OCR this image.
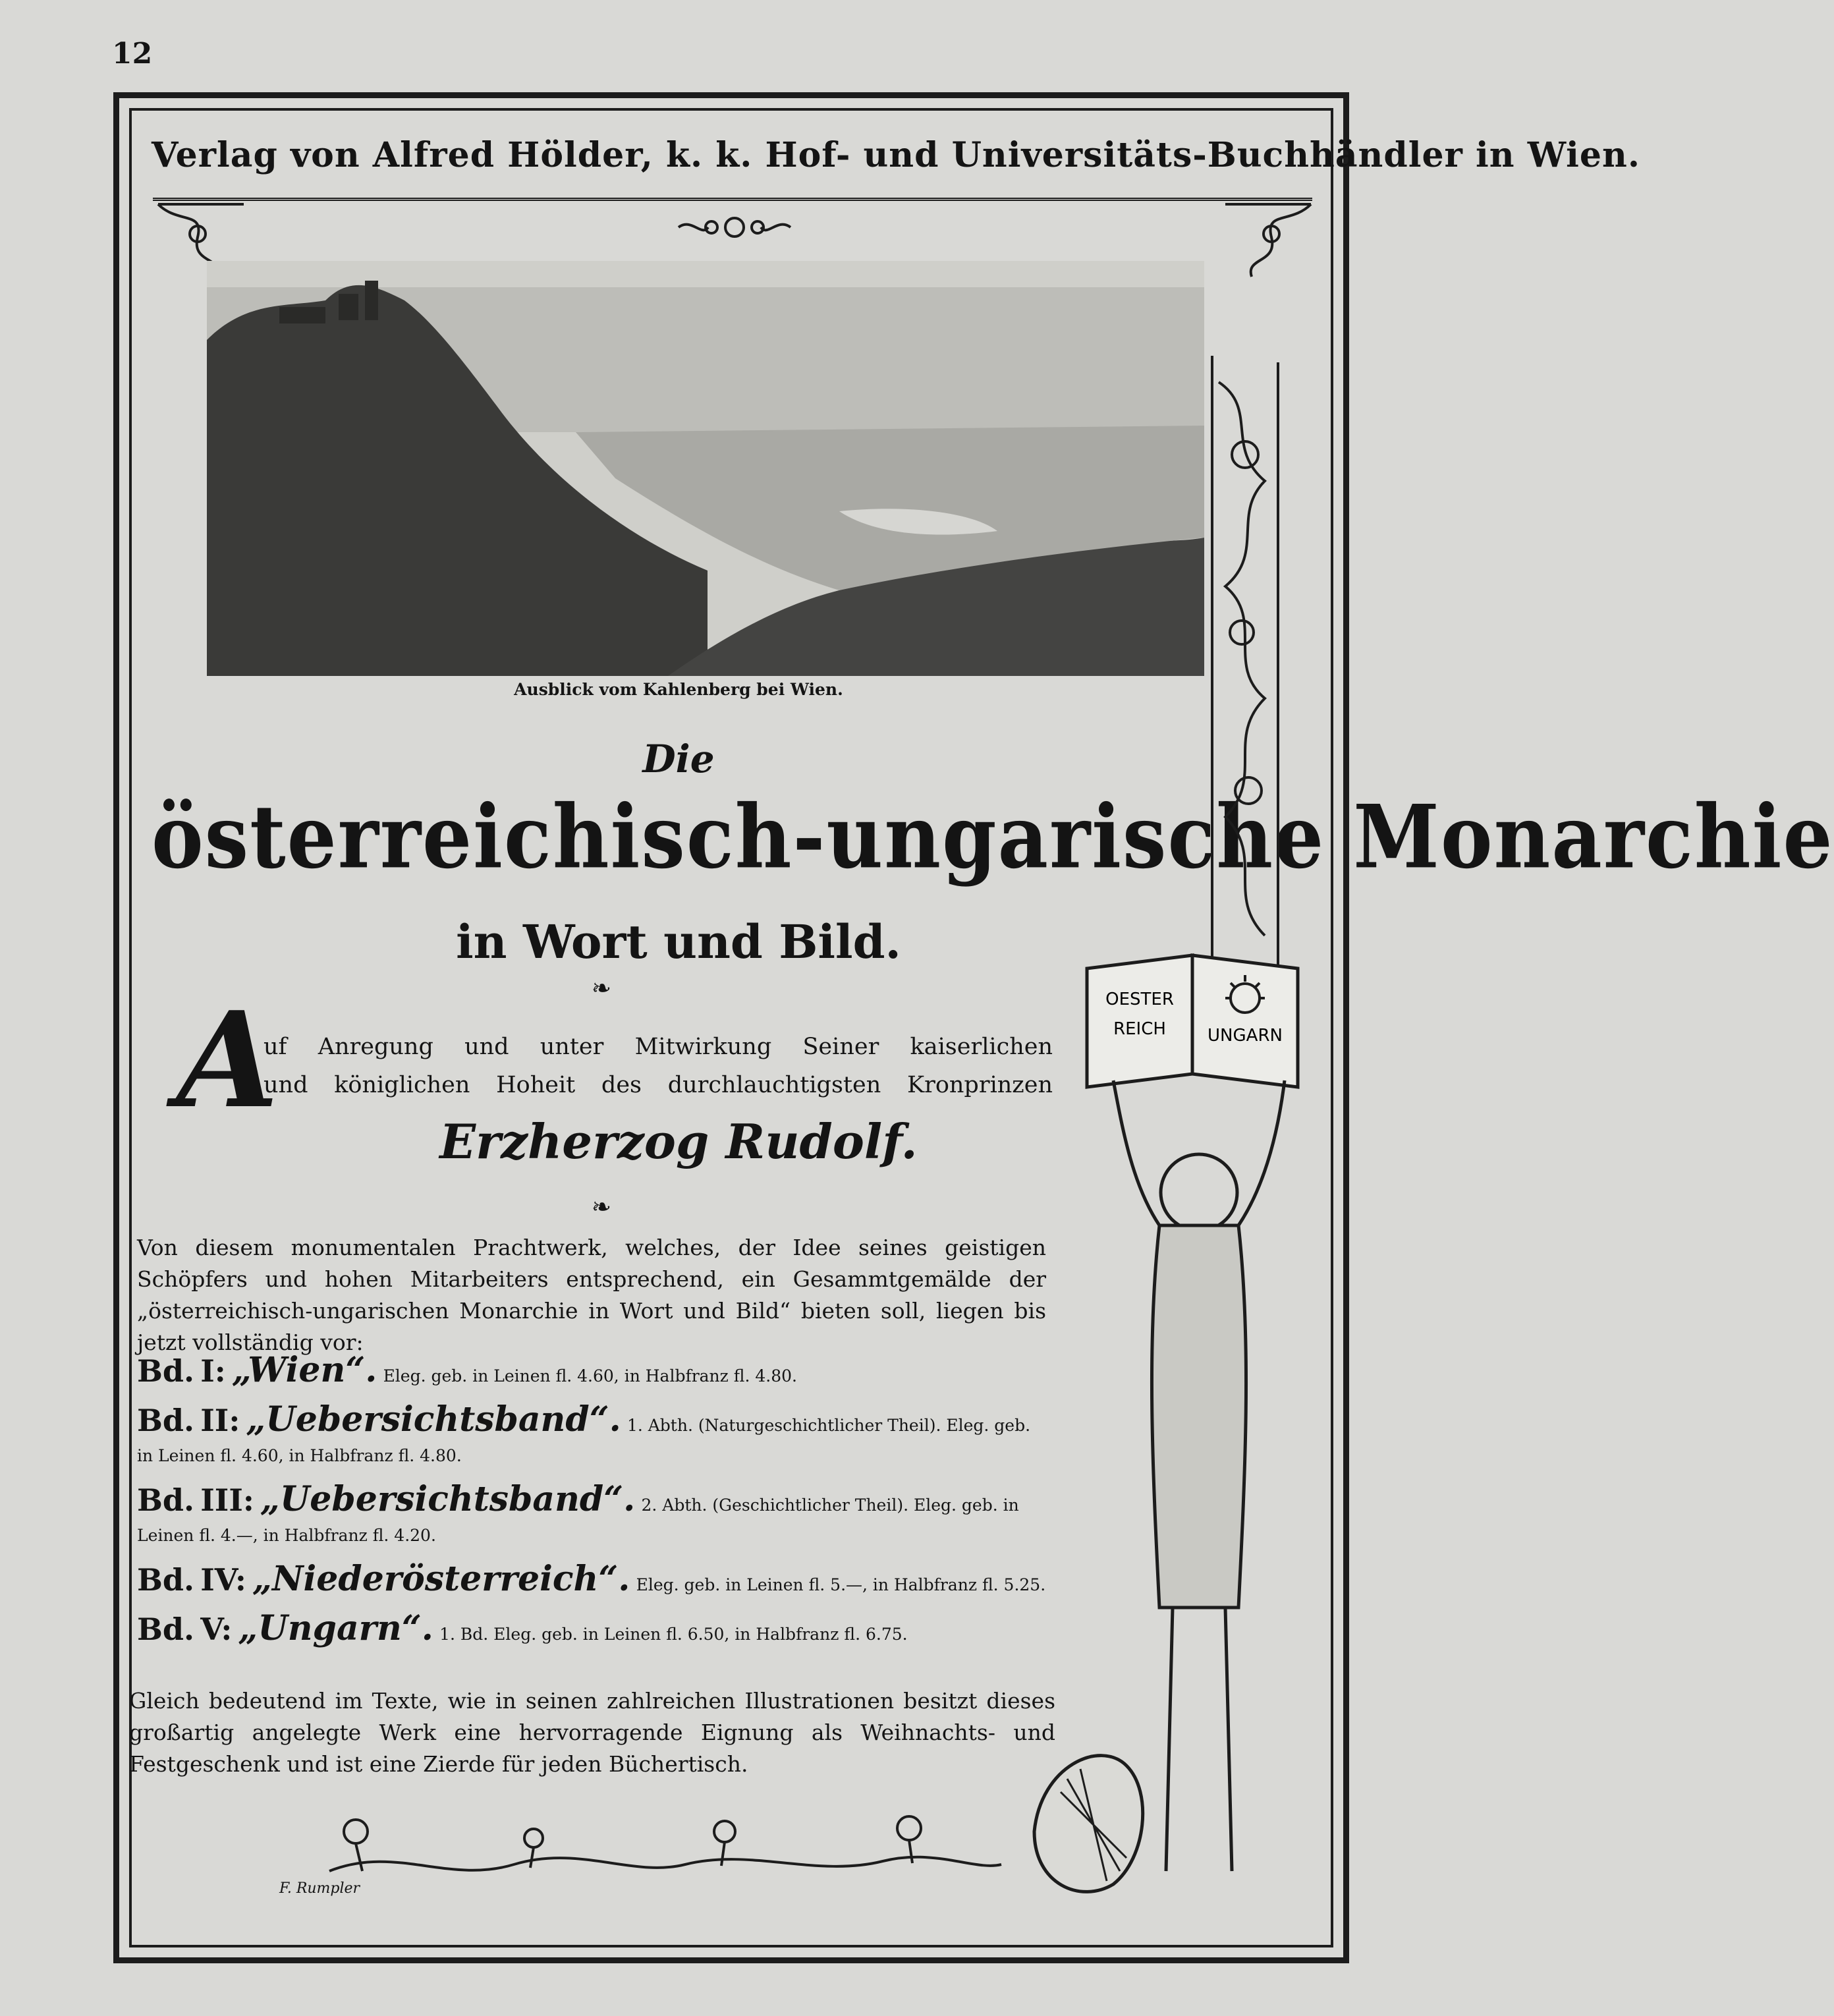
12
Verlag von Alfred Hölder, k. k. Hof- und Universitäts-Buchhändler in Wien.
Ausblick vom Kahlenberg bei Wien.
Die
österreichisch-ungarische Monarchie
in Wort und Bild.
❧
A
uf Anregung und unter Mitwirkung Seiner kaiserlichen
und königlichen Hoheit des durchlauchtigsten Kronprinzen
Erzherzog Rudolf.
❧
Von diesem monumentalen Prachtwerk, welches, der Idee seines geistigen Schöpfers und hohen Mitarbeiters entsprechend, ein Gesammtgemälde der „österreichisch-ungarischen Monarchie in Wort und Bild“ bieten soll, liegen bis jetzt vollständig vor:
Bd. I: „Wien“. Eleg. geb. in Leinen fl. 4.60, in Halbfranz fl. 4.80.
Bd. II: „Uebersichtsband“. 1. Abth. (Naturgeschichtlicher Theil). Eleg. geb. in Leinen fl. 4.60, in Halbfranz fl. 4.80.
Bd. III: „Uebersichtsband“. 2. Abth. (Geschichtlicher Theil). Eleg. geb. in Leinen fl. 4.—, in Halbfranz fl. 4.20.
Bd. IV: „Niederösterreich“. Eleg. geb. in Leinen fl. 5.—, in Halbfranz fl. 5.25.
Bd. V: „Ungarn“. 1. Bd. Eleg. geb. in Leinen fl. 6.50, in Halbfranz fl. 6.75.
Gleich bedeutend im Texte, wie in seinen zahlreichen Illustrationen besitzt dieses großartig angelegte Werk eine hervorragende Eignung als Weihnachts- und Festgeschenk und ist eine Zierde für jeden Büchertisch.
F. Rumpler
OESTER
REICH UNGARN
